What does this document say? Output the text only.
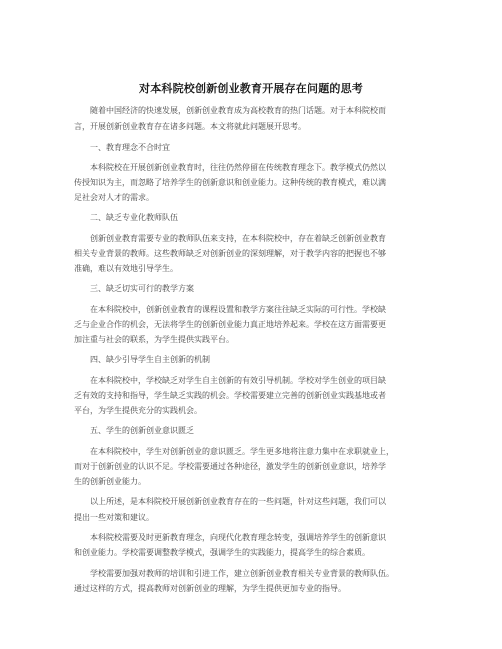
对本科院校创新创业教育开展存在问题的思考
随着中国经济的快速发展，创新创业教育成为高校教育的热门话题。对于本科院校而
言，开展创新创业教育存在诸多问题。本文将就此问题展开思考。
一、教育理念不合时宜
本科院校在开展创新创业教育时，往往仍然停留在传统教育理念下。教学模式仍然以
传授知识为主，而忽略了培养学生的创新意识和创业能力。这种传统的教育模式，难以满
足社会对人才的需求。
二、缺乏专业化教师队伍
创新创业教育需要专业的教师队伍来支持，在本科院校中，存在着缺乏创新创业教育
相关专业背景的教师。这些教师缺乏对创新创业的深刻理解，对于教学内容的把握也不够
准确，难以有效地引导学生。
三、缺乏切实可行的教学方案
在本科院校中，创新创业教育的课程设置和教学方案往往缺乏实际的可行性。学校缺
乏与企业合作的机会，无法将学生的创新创业能力真正地培养起来。学校在这方面需要更
加注重与社会的联系，为学生提供实践平台。
四、缺少引导学生自主创新的机制
在本科院校中，学校缺乏对学生自主创新的有效引导机制。学校对学生创业的项目缺
乏有效的支持和指导，学生缺乏实践的机会。学校需要建立完善的创新创业实践基地或者
平台，为学生提供充分的实践机会。
五、学生的创新创业意识匮乏
在本科院校中，学生对创新创业的意识匮乏。学生更多地将注意力集中在求职就业上，
而对于创新创业的认识不足。学校需要通过各种途径，激发学生的创新创业意识，培养学
生的创新创业能力。
以上所述，是本科院校开展创新创业教育存在的一些问题，针对这些问题，我们可以
提出一些对策和建议。
本科院校需要及时更新教育理念，向现代化教育理念转变，强调培养学生的创新意识
和创业能力。学校需要调整教学模式，强调学生的实践能力，提高学生的综合素质。
学校需要加强对教师的培训和引进工作，建立创新创业教育相关专业背景的教师队伍。
通过这样的方式，提高教师对创新创业的理解，为学生提供更加专业的指导。
